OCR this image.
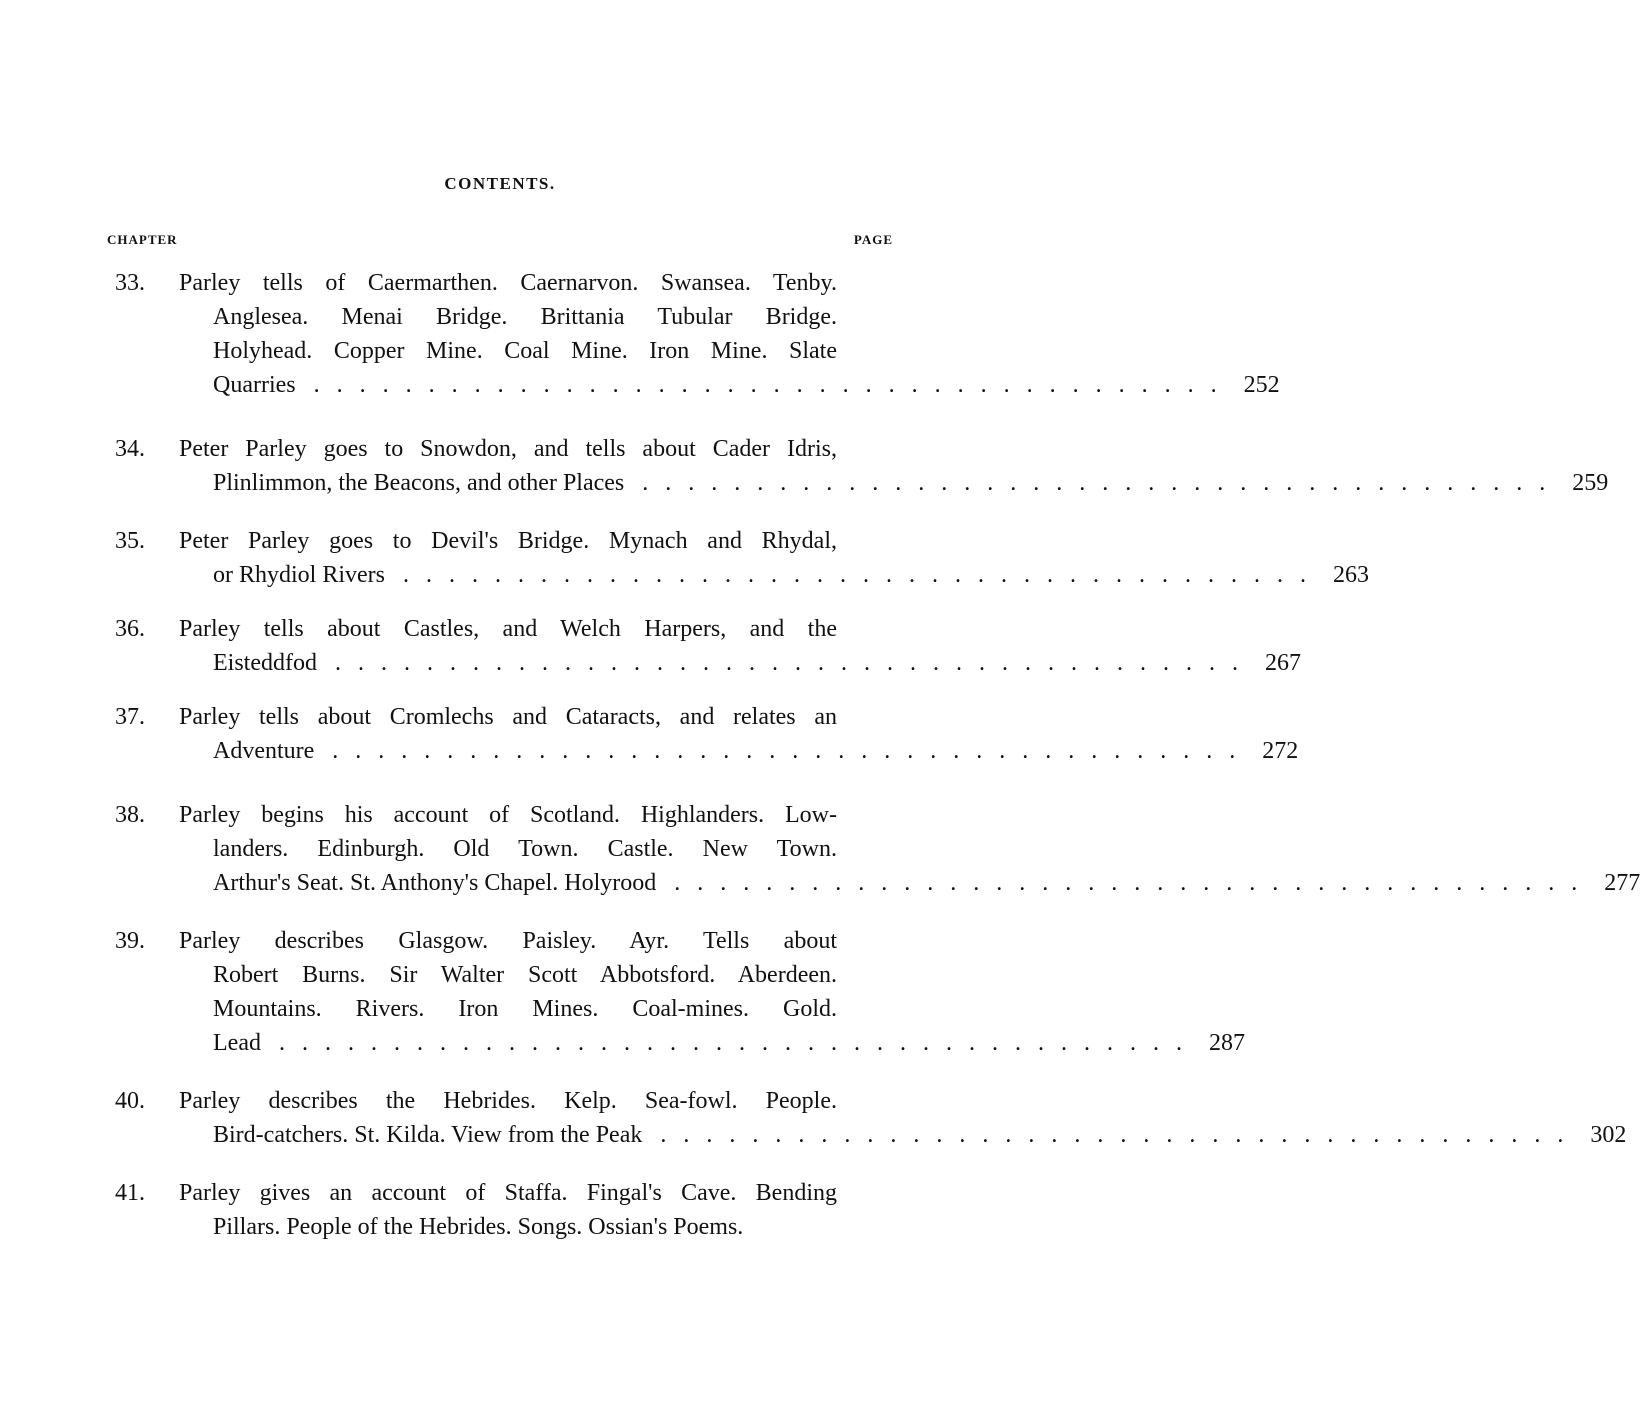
CONTENTS.
CHAPTER	PAGE
33.	Parley tells of Caermarthen. Caernarvon. Swansea. Tenby.
Anglesea. Menai Bridge. Brittania Tubular Bridge.
Holyhead. Copper Mine. Coal Mine. Iron Mine. Slate
Quarries ........................................ 252
34.	Peter Parley goes to Snowdon, and tells about Cader Idris,
Plinlimmon, the Beacons, and other Places ........................................ 259
35.	Peter Parley goes to Devil's Bridge. Mynach and Rhydal,
or Rhydiol Rivers ........................................ 263
36.	Parley tells about Castles, and Welch Harpers, and the
Eisteddfod ........................................ 267
37.	Parley tells about Cromlechs and Cataracts, and relates an
Adventure ........................................ 272
38.	Parley begins his account of Scotland. Highlanders. Low-
landers. Edinburgh. Old Town. Castle. New Town.
Arthur's Seat. St. Anthony's Chapel. Holyrood ........................................ 277
39.	Parley describes Glasgow. Paisley. Ayr. Tells about
Robert Burns. Sir Walter Scott Abbotsford. Aberdeen.
Mountains. Rivers. Iron Mines. Coal-mines. Gold.
Lead ........................................ 287
40.	Parley describes the Hebrides. Kelp. Sea-fowl. People.
Bird-catchers. St. Kilda. View from the Peak ........................................ 302
41.	Parley gives an account of Staffa. Fingal's Cave. Bending
Pillars. People of the Hebrides. Songs. Ossian's Poems.
